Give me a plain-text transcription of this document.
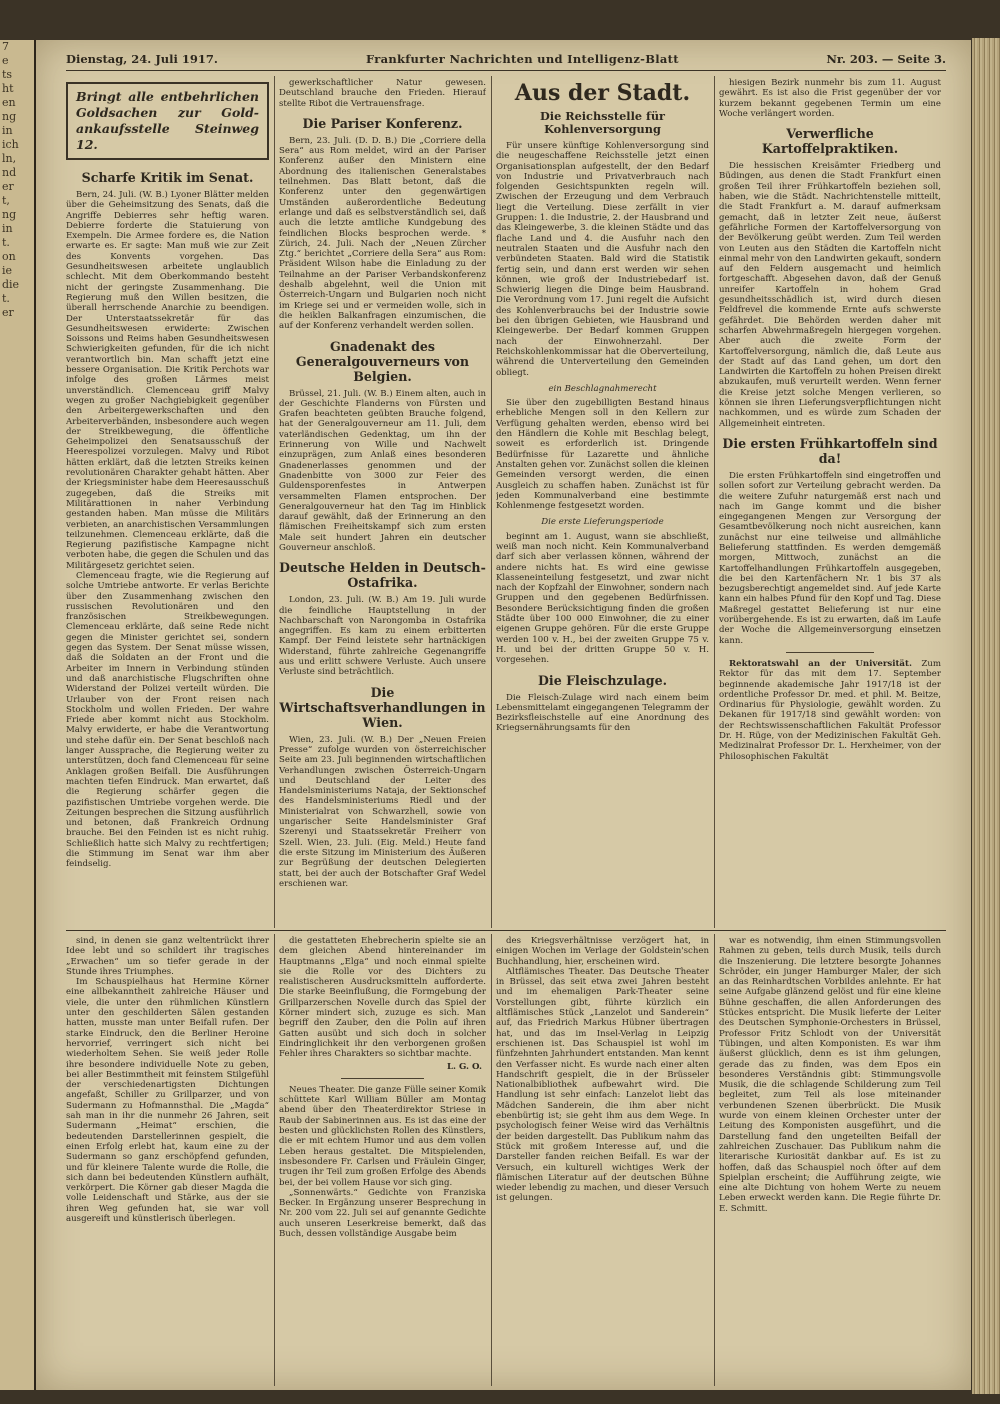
7
e
ts
ht
en
ng
in
ich
ln,
nd
er
t,
ng
in
t.
on
ie
die
t.
er
Dienstag, 24. Juli 1917.	Frankfurter Nachrichten und Intelligenz-Blatt	Nr. 203. — Seite 3.
Bringt alle entbehrlichen Goldsachen zur Gold-ankaufsstelle Steinweg 12.
Scharfe Kritik im Senat.

Bern, 24. Juli. (W. B.) Lyoner Blätter melden über die Geheimsitzung des Senats, daß die Angriffe Debierres sehr heftig waren. Debierre forderte die Statuierung von Exempeln. Die Armee fordere es, die Nation erwarte es. Er sagte: Man muß wie zur Zeit des Konvents vorgehen. Das Gesundheitswesen arbeitete unglaublich schlecht. Mit dem Oberkommando besteht nicht der geringste Zusammenhang. Die Regierung muß den Willen besitzen, die überall herrschende Anarchie zu beendigen. Der Unterstaatssekretär für das Gesundheitswesen erwiderte: Zwischen Soissons und Reims haben Gesundheitswesen Schwierigkeiten gefunden, für die ich nicht verantwortlich bin. Man schafft jetzt eine bessere Organisation. Die Kritik Perchots war infolge des großen Lärmes meist unverständlich. Clemenceau griff Malvy wegen zu großer Nachgiebigkeit gegenüber den Arbeitergewerkschaften und den Arbeiterverbänden, insbesondere auch wegen der Streikbewegung, die öffentliche Geheimpolizei den Senatsausschuß der Heerespolizei vorzulegen. Malvy und Ribot hätten erklärt, daß die letzten Streiks keinen revolutionären Charakter gehabt hätten. Aber der Kriegsminister habe dem Heeresausschuß zugegeben, daß die Streiks mit Militärattionen in naher Verbindung gestanden haben. Man müsse die Militärs verbieten, an anarchistischen Versammlungen teilzunehmen. Clemenceau erklärte, daß die Regierung pazifistische Kampagne nicht verboten habe, die gegen die Schulen und das Militärgesetz gerichtet seien.

Clemenceau fragte, wie die Regierung auf solche Umtriebe antworte. Er verlas Berichte über den Zusammenhang zwischen den russischen Revolutionären und den französischen Streikbewegungen. Clemenceau erklärte, daß seine Rede nicht gegen die Minister gerichtet sei, sondern gegen das System. Der Senat müsse wissen, daß die Soldaten an der Front und die Arbeiter im Innern in Verbindung stünden und daß anarchistische Flugschriften ohne Widerstand der Polizei verteilt würden. Die Urlauber von der Front reisen nach Stockholm und wollen Frieden. Der wahre Friede aber kommt nicht aus Stockholm. Malvy erwiderte, er habe die Verantwortung und stehe dafür ein. Der Senat beschloß nach langer Aussprache, die Regierung weiter zu unterstützen, doch fand Clemenceau für seine Anklagen großen Beifall. Die Ausführungen machten tiefen Eindruck. Man erwartet, daß die Regierung schärfer gegen die pazifistischen Umtriebe vorgehen werde. Die Zeitungen besprechen die Sitzung ausführlich und betonen, daß Frankreich Ordnung brauche. Bei den Feinden ist es nicht ruhig. Schließlich hatte sich Malvy zu rechtfertigen; die Stimmung im Senat war ihm aber feindselig.

gewerkschaftlicher Natur gewesen. Deutschland brauche den Frieden. Hierauf stellte Ribot die Vertrauensfrage.

Die Pariser Konferenz.

Bern, 23. Juli. (D. D. B.) Die „Corriere della Sera“ aus Rom meldet, wird an der Pariser Konferenz außer den Ministern eine Abordnung des italienischen Generalstabes teilnehmen. Das Blatt betont, daß die Konferenz unter den gegenwärtigen Umständen außerordentliche Bedeutung erlange und daß es selbstverständlich sei, daß auch die letzte amtliche Kundgebung des feindlichen Blocks besprochen werde. * Zürich, 24. Juli. Nach der „Neuen Zürcher Ztg.“ berichtet „Corriere della Sera“ aus Rom: Präsident Wilson habe die Einladung zu der Teilnahme an der Pariser Verbandskonferenz deshalb abgelehnt, weil die Union mit Österreich-Ungarn und Bulgarien noch nicht im Kriege sei und er vermeiden wolle, sich in die heiklen Balkanfragen einzumischen, die auf der Konferenz verhandelt werden sollen.

Gnadenakt des Generalgouverneurs von Belgien.

Brüssel, 21. Juli. (W. B.) Einem alten, auch in der Geschichte Flanderns von Fürsten und Grafen beachteten geübten Brauche folgend, hat der Generalgouverneur am 11. Juli, dem vaterländischen Gedenktag, um ihn der Erinnerung von Wille und Nachwelt einzuprägen, zum Anlaß eines besonderen Gnadenerlasses genommen und der Gnadenbitte von 3000 zur Feier des Guldensporenfestes in Antwerpen versammelten Flamen entsprochen. Der Generalgouverneur hat den Tag im Hinblick darauf gewählt, daß der Erinnerung an den flämischen Freiheitskampf sich zum ersten Male seit hundert Jahren ein deutscher Gouverneur anschloß.

Deutsche Helden in Deutsch-Ostafrika.

London, 23. Juli. (W. B.) Am 19. Juli wurde die feindliche Hauptstellung in der Nachbarschaft von Narongomba in Ostafrika angegriffen. Es kam zu einem erbitterten Kampf. Der Feind leistete sehr hartnäckigen Widerstand, führte zahlreiche Gegenangriffe aus und erlitt schwere Verluste. Auch unsere Verluste sind beträchtlich.

Die Wirtschaftsverhandlungen in Wien.

Wien, 23. Juli. (W. B.) Der „Neuen Freien Presse“ zufolge wurden von österreichischer Seite am 23. Juli beginnenden wirtschaftlichen Verhandlungen zwischen Österreich-Ungarn und Deutschland der Leiter des Handelsministeriums Nataja, der Sektionschef des Handelsministeriums Riedl und der Ministerialrat von Schwarzhell, sowie von ungarischer Seite Handelsminister Graf Szerenyi und Staatssekretär Freiherr von Szell. Wien, 23. Juli. (Eig. Meld.) Heute fand die erste Sitzung im Ministerium des Äußeren zur Begrüßung der deutschen Delegierten statt, bei der auch der Botschafter Graf Wedel erschienen war.

Aus der Stadt.
Die Reichsstelle für Kohlenversorgung

Für unsere künftige Kohlenversorgung sind die neugeschaffene Reichsstelle jetzt einen Organisationsplan aufgestellt, der den Bedarf von Industrie und Privatverbrauch nach folgenden Gesichtspunkten regeln will. Zwischen der Erzeugung und dem Verbrauch liegt die Verteilung. Diese zerfällt in vier Gruppen: 1. die Industrie, 2. der Hausbrand und das Kleingewerbe, 3. die kleinen Städte und das flache Land und 4. die Ausfuhr nach den neutralen Staaten und die Ausfuhr nach den verbündeten Staaten. Bald wird die Statistik fertig sein, und dann erst werden wir sehen können, wie groß der Industriebedarf ist. Schwierig liegen die Dinge beim Hausbrand. Die Verordnung vom 17. Juni regelt die Aufsicht des Kohlenverbrauchs bei der Industrie sowie bei den übrigen Gebieten, wie Hausbrand und Kleingewerbe. Der Bedarf kommen Gruppen nach der Einwohnerzahl. Der Reichskohlenkommissar hat die Oberverteilung, während die Unterverteilung den Gemeinden obliegt.

ein Beschlagnahmerecht

Sie über den zugebilligten Bestand hinaus erhebliche Mengen soll in den Kellern zur Verfügung gehalten werden, ebenso wird bei den Händlern die Kohle mit Beschlag belegt, soweit es erforderlich ist. Dringende Bedürfnisse für Lazarette und ähnliche Anstalten gehen vor. Zunächst sollen die kleinen Gemeinden versorgt werden, die einen Ausgleich zu schaffen haben. Zunächst ist für jeden Kommunalverband eine bestimmte Kohlenmenge festgesetzt worden.

Die erste Lieferungsperiode

beginnt am 1. August, wann sie abschließt, weiß man noch nicht. Kein Kommunalverband darf sich aber verlassen können, während der andere nichts hat. Es wird eine gewisse Klasseneinteilung festgesetzt, und zwar nicht nach der Kopfzahl der Einwohner, sondern nach Gruppen und den gegebenen Bedürfnissen. Besondere Berücksichtigung finden die großen Städte über 100 000 Einwohner, die zu einer eigenen Gruppe gehören. Für die erste Gruppe werden 100 v. H., bei der zweiten Gruppe 75 v. H. und bei der dritten Gruppe 50 v. H. vorgesehen.

Die Fleischzulage.

Die Fleisch-Zulage wird nach einem beim Lebensmittelamt eingegangenen Telegramm der Bezirksfleischstelle auf eine Anordnung des Kriegsernährungsamts für den

hiesigen Bezirk nunmehr bis zum 11. August gewährt. Es ist also die Frist gegenüber der vor kurzem bekannt gegebenen Termin um eine Woche verlängert worden.

Verwerfliche Kartoffelpraktiken.

Die hessischen Kreisämter Friedberg und Büdingen, aus denen die Stadt Frankfurt einen großen Teil ihrer Frühkartoffeln beziehen soll, haben, wie die Städt. Nachrichtenstelle mitteilt, die Stadt Frankfurt a. M. darauf aufmerksam gemacht, daß in letzter Zeit neue, äußerst gefährliche Formen der Kartoffelversorgung von der Bevölkerung geübt werden. Zum Teil werden von Leuten aus den Städten die Kartoffeln nicht einmal mehr von den Landwirten gekauft, sondern auf den Feldern ausgemacht und heimlich fortgeschafft. Abgesehen davon, daß der Genuß unreifer Kartoffeln in hohem Grad gesundheitsschädlich ist, wird durch diesen Feldfrevel die kommende Ernte aufs schwerste gefährdet. Die Behörden werden daher mit scharfen Abwehrmaßregeln hiergegen vorgehen. Aber auch die zweite Form der Kartoffelversorgung, nämlich die, daß Leute aus der Stadt auf das Land gehen, um dort den Landwirten die Kartoffeln zu hohen Preisen direkt abzukaufen, muß verurteilt werden. Wenn ferner die Kreise jetzt solche Mengen verlieren, so können sie ihren Lieferungsverpflichtungen nicht nachkommen, und es würde zum Schaden der Allgemeinheit eintreten.

Die ersten Frühkartoffeln sind da!

Die ersten Frühkartoffeln sind eingetroffen und sollen sofort zur Verteilung gebracht werden. Da die weitere Zufuhr naturgemäß erst nach und nach im Gange kommt und die bisher eingegangenen Mengen zur Versorgung der Gesamtbevölkerung noch nicht ausreichen, kann zunächst nur eine teilweise und allmähliche Belieferung stattfinden. Es werden demgemäß morgen, Mittwoch, zunächst an die Kartoffelhandlungen Frühkartoffeln ausgegeben, die bei den Kartenfächern Nr. 1 bis 37 als bezugsberechtigt angemeldet sind. Auf jede Karte kann ein halbes Pfund für den Kopf und Tag. Diese Maßregel gestattet Belieferung ist nur eine vorübergehende. Es ist zu erwarten, daß im Laufe der Woche die Allgemeinversorgung einsetzen kann.

Rektoratswahl an der Universität. Zum Rektor für das mit dem 17. September beginnende akademische Jahr 1917/18 ist der ordentliche Professor Dr. med. et phil. M. Beitze, Ordinarius für Physiologie, gewählt worden. Zu Dekanen für 1917/18 sind gewählt worden: von der Rechtswissenschaftlichen Fakultät Professor Dr. H. Rüge, von der Medizinischen Fakultät Geh. Medizinalrat Professor Dr. L. Herxheimer, von der Philosophischen Fakultät

sind, in denen sie ganz weltentrückt ihrer Idee lebt und so schildert ihr tragisches „Erwachen“ um so tiefer gerade in der Stunde ihres Triumphes.

Im Schauspielhaus hat Hermine Körner eine allbekanntheit zahlreiche Häuser und viele, die unter den rühmlichen Künstlern unter den geschilderten Sälen gestanden hatten, musste man unter Beifall rufen. Der starke Eindruck, den die Berliner Heroine hervorrief, verringert sich nicht bei wiederholtem Sehen. Sie weiß jeder Rolle ihre besondere individuelle Note zu geben, bei aller Bestimmtheit mit feinstem Stilgefühl der verschiedenartigsten Dichtungen angefaßt, Schiller zu Grillparzer, und von Sudermann zu Hofmannsthal. Die „Magda“ sah man in ihr die nunmehr 26 Jahren, seit Sudermann „Heimat“ erschien, die bedeutenden Darstellerinnen gespielt, die einen Erfolg erlebt hat, kaum eine zu der Sudermann so ganz erschöpfend gefunden, und für kleinere Talente wurde die Rolle, die sich dann bei bedeutenden Künstlern aufhält, verkörpert. Die Körner gab dieser Magda die volle Leidenschaft und Stärke, aus der sie ihren Weg gefunden hat, sie war voll ausgereift und künstlerisch überlegen.

die gestatteten Ehebrecherin spielte sie an dem gleichen Abend hintereinander im Hauptmanns „Elga“ und noch einmal spielte sie die Rolle vor des Dichters zu realistischeren Ausdrucksmitteln aufforderte. Die starke Beeinflußung, die Formgebung der Grillparzerschen Novelle durch das Spiel der Körner mindert sich, zuzuge es sich. Man begriff den Zauber, den die Polin auf ihren Gatten ausübt und sich doch in solcher Eindringlichkeit ihr den verborgenen großen Fehler ihres Charakters so sichtbar machte.

L. G. O.

Neues Theater. Die ganze Fülle seiner Komik schüttete Karl William Büller am Montag abend über den Theaterdirektor Striese in Raub der Sabinerinnen aus. Es ist das eine der besten und glücklichsten Rollen des Künstlers, die er mit echtem Humor und aus dem vollen Leben heraus gestaltet. Die Mitspielenden, insbesondere Fr. Carlsen und Fräulein Ginger, trugen ihr Teil zum großen Erfolge des Abends bei, der bei vollem Hause vor sich ging.

„Sonnenwärts.“ Gedichte von Franziska Becker. In Ergänzung unserer Besprechung in Nr. 200 vom 22. Juli sei auf genannte Gedichte auch unseren Leserkreise bemerkt, daß das Buch, dessen vollständige Ausgabe beim

des Kriegsverhältnisse verzögert hat, in einigen Wochen im Verlage der Goldstein'schen Buchhandlung, hier, erscheinen wird.

Altflämisches Theater. Das Deutsche Theater in Brüssel, das seit etwa zwei Jahren besteht und im ehemaligen Park-Theater seine Vorstellungen gibt, führte kürzlich ein altflämisches Stück „Lanzelot und Sanderein“ auf, das Friedrich Markus Hübner übertragen hat, und das im Insel-Verlag in Leipzig erschienen ist. Das Schauspiel ist wohl im fünfzehnten Jahrhundert entstanden. Man kennt den Verfasser nicht. Es wurde nach einer alten Handschrift gespielt, die in der Brüsseler Nationalbibliothek aufbewahrt wird. Die Handlung ist sehr einfach: Lanzelot liebt das Mädchen Sanderein, die ihm aber nicht ebenbürtig ist; sie geht ihm aus dem Wege. In psychologisch feiner Weise wird das Verhältnis der beiden dargestellt. Das Publikum nahm das Stück mit großem Interesse auf, und die Darsteller fanden reichen Beifall. Es war der Versuch, ein kulturell wichtiges Werk der flämischen Literatur auf der deutschen Bühne wieder lebendig zu machen, und dieser Versuch ist gelungen.

war es notwendig, ihm einen Stimmungsvollen Rahmen zu geben, teils durch Musik, teils durch die Inszenierung. Die letztere besorgte Johannes Schröder, ein junger Hamburger Maler, der sich an das Reinhardtschen Vorbildes anlehnte. Er hat seine Aufgabe glänzend gelöst und für eine kleine Bühne geschaffen, die allen Anforderungen des Stückes entspricht. Die Musik lieferte der Leiter des Deutschen Symphonie-Orchesters in Brüssel, Professor Fritz Schlodt von der Universität Tübingen, und alten Komponisten. Es war ihm äußerst glücklich, denn es ist ihm gelungen, gerade das zu finden, was dem Epos ein besonderes Verständnis gibt: Stimmungsvolle Musik, die die schlagende Schilderung zum Teil begleitet, zum Teil als lose miteinander verbundenen Szenen überbrückt. Die Musik wurde von einem kleinen Orchester unter der Leitung des Komponisten ausgeführt, und die Darstellung fand den ungeteilten Beifall der zahlreichen Zuschauer. Das Publikum nahm die literarische Kuriosität dankbar auf. Es ist zu hoffen, daß das Schauspiel noch öfter auf dem Spielplan erscheint; die Aufführung zeigte, wie eine alte Dichtung von hohem Werte zu neuem Leben erweckt werden kann. Die Regie führte Dr. E. Schmitt.
